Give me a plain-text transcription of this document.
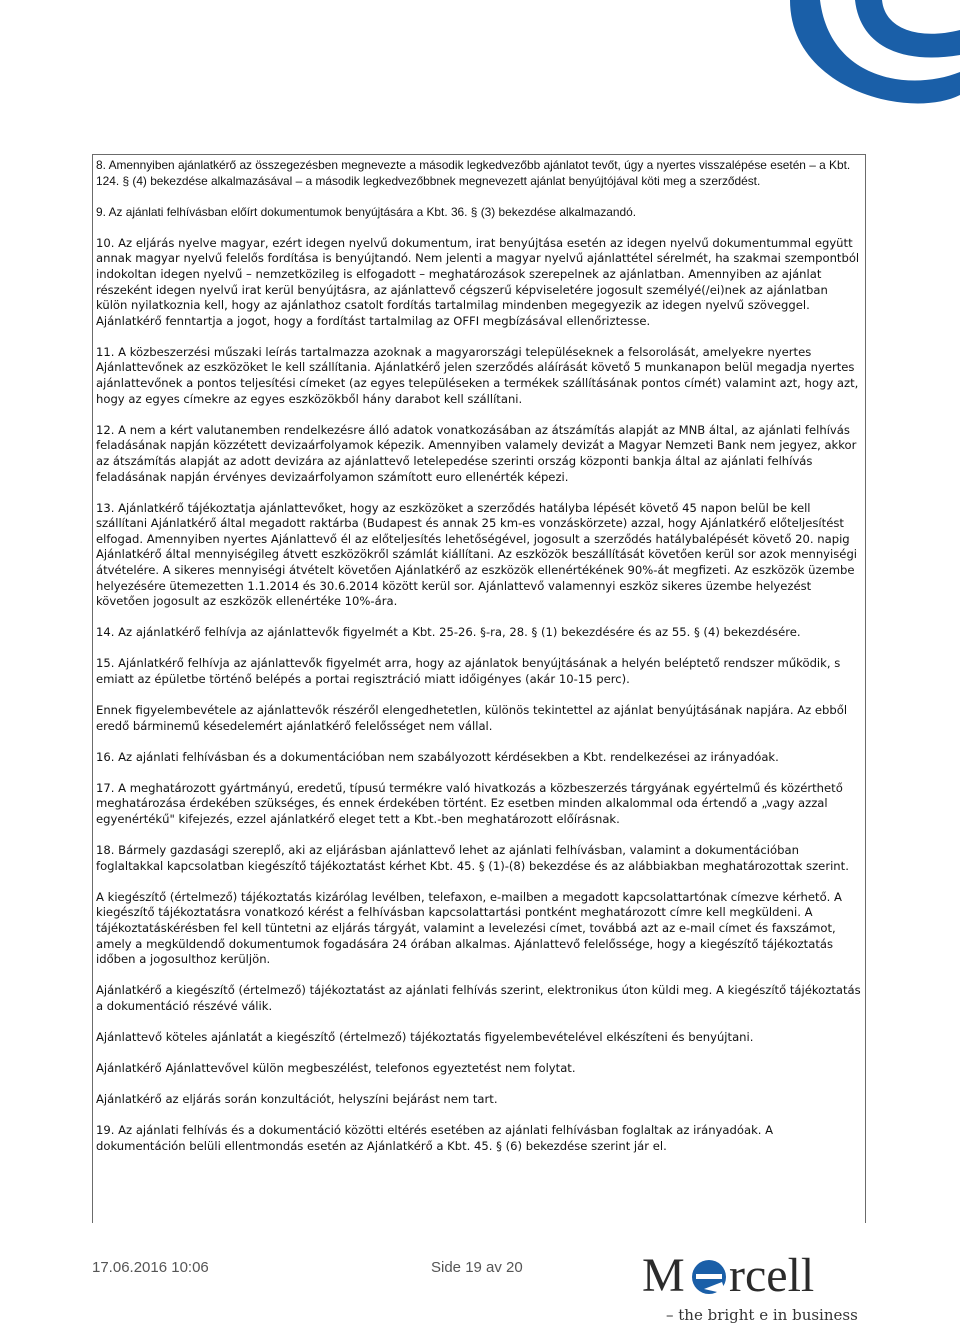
8. Amennyiben ajánlatkérő az összegezésben megnevezte a második legkedvezőbb ajánlatot tevőt, úgy a nyertes visszalépése esetén – a Kbt. 124. § (4) bekezdése alkalmazásával – a második legkedvezőbbnek megnevezett ajánlat benyújtójával köti meg a szerződést.

9. Az ajánlati felhívásban előírt dokumentumok benyújtására a Kbt. 36. § (3) bekezdése alkalmazandó.

10. Az eljárás nyelve magyar, ezért idegen nyelvű dokumentum, irat benyújtása esetén az idegen nyelvű dokumentummal együtt annak magyar nyelvű felelős fordítása is benyújtandó. Nem jelenti a magyar nyelvű ajánlattétel sérelmét, ha szakmai szempontból indokoltan idegen nyelvű – nemzetközileg is elfogadott – meghatározások szerepelnek az ajánlatban. Amennyiben az ajánlat részeként idegen nyelvű irat kerül benyújtásra, az ajánlattevő cégszerű képviseletére jogosult személyé(/ei)nek az ajánlatban külön nyilatkoznia kell, hogy az ajánlathoz csatolt fordítás tartalmilag mindenben megegyezik az idegen nyelvű szöveggel. Ajánlatkérő fenntartja a jogot, hogy a fordítást tartalmilag az OFFI megbízásával ellenőriztesse.

11. A közbeszerzési műszaki leírás tartalmazza azoknak a magyarországi településeknek a felsorolását, amelyekre nyertes Ajánlattevőnek az eszközöket le kell szállítania. Ajánlatkérő jelen szerződés aláírását követő 5 munkanapon belül megadja nyertes ajánlattevőnek a pontos teljesítési címeket (az egyes településeken a termékek szállításának pontos címét) valamint azt, hogy azt, hogy az egyes címekre az egyes eszközökből hány darabot kell szállítani.

12. A nem a kért valutanemben rendelkezésre álló adatok vonatkozásában az átszámítás alapját az MNB által, az ajánlati felhívás feladásának napján közzétett devizaárfolyamok képezik. Amennyiben valamely devizát a Magyar Nemzeti Bank nem jegyez, akkor az átszámítás alapját az adott devizára az ajánlattevő letelepedése szerinti ország központi bankja által az ajánlati felhívás feladásának napján érvényes devizaárfolyamon számított euro ellenérték képezi.

13. Ajánlatkérő tájékoztatja ajánlattevőket, hogy az eszközöket a szerződés hatályba lépését követő 45 napon belül be kell szállítani Ajánlatkérő által megadott raktárba (Budapest és annak 25 km-es vonzáskörzete) azzal, hogy Ajánlatkérő előteljesítést elfogad. Amennyiben nyertes Ajánlattevő él az előteljesítés lehetőségével, jogosult a szerződés hatálybalépését követő 20. napig Ajánlatkérő által mennyiségileg átvett eszközökről számlát kiállítani. Az eszközök beszállítását követően kerül sor azok mennyiségi átvételére. A sikeres mennyiségi átvételt követően Ajánlatkérő az eszközök ellenértékének 90%-át megfizeti. Az eszközök üzembe helyezésére ütemezetten 1.1.2014 és 30.6.2014 között kerül sor. Ajánlattevő valamennyi eszköz sikeres üzembe helyezést követően jogosult az eszközök ellenértéke 10%-ára.

14. Az ajánlatkérő felhívja az ajánlattevők figyelmét a Kbt. 25-26. §-ra, 28. § (1) bekezdésére és az 55. § (4) bekezdésére.

15. Ajánlatkérő felhívja az ajánlattevők figyelmét arra, hogy az ajánlatok benyújtásának a helyén beléptető rendszer működik, s emiatt az épületbe történő belépés a portai regisztráció miatt időigényes (akár 10-15 perc).

Ennek figyelembevétele az ajánlattevők részéről elengedhetetlen, különös tekintettel az ajánlat benyújtásának napjára. Az ebből eredő bárminemű késedelemért ajánlatkérő felelősséget nem vállal.

16. Az ajánlati felhívásban és a dokumentációban nem szabályozott kérdésekben a Kbt. rendelkezései az irányadóak.

17. A meghatározott gyártmányú, eredetű, típusú termékre való hivatkozás a közbeszerzés tárgyának egyértelmű és közérthető meghatározása érdekében szükséges, és ennek érdekében történt. Ez esetben minden alkalommal oda értendő a „vagy azzal egyenértékű" kifejezés, ezzel ajánlatkérő eleget tett a Kbt.-ben meghatározott előírásnak.

18. Bármely gazdasági szereplő, aki az eljárásban ajánlattevő lehet az ajánlati felhívásban, valamint a dokumentációban foglaltakkal kapcsolatban kiegészítő tájékoztatást kérhet Kbt. 45. § (1)-(8) bekezdése és az alábbiakban meghatározottak szerint.

A kiegészítő (értelmező) tájékoztatás kizárólag levélben, telefaxon, e-mailben a megadott kapcsolattartónak címezve kérhető. A kiegészítő tájékoztatásra vonatkozó kérést a felhívásban kapcsolattartási pontként meghatározott címre kell megküldeni. A tájékoztatáskérésben fel kell tüntetni az eljárás tárgyát, valamint a levelezési címet, továbbá azt az e-mail címet és faxszámot, amely a megküldendő dokumentumok fogadására 24 órában alkalmas. Ajánlattevő felelőssége, hogy a kiegészítő tájékoztatás időben a jogosulthoz kerüljön.

Ajánlatkérő a kiegészítő (értelmező) tájékoztatást az ajánlati felhívás szerint, elektronikus úton küldi meg. A kiegészítő tájékoztatás a dokumentáció részévé válik.

Ajánlattevő köteles ajánlatát a kiegészítő (értelmező) tájékoztatás figyelembevételével elkészíteni és benyújtani.

Ajánlatkérő Ajánlattevővel külön megbeszélést, telefonos egyeztetést nem folytat.

Ajánlatkérő az eljárás során konzultációt, helyszíni bejárást nem tart.

19. Az ajánlati felhívás és a dokumentáció közötti eltérés esetében az ajánlati felhívásban foglaltak az irányadóak. A dokumentáción belüli ellentmondás esetén az Ajánlatkérő a Kbt. 45. § (6) bekezdése szerint jár el.

17.06.2016 10:06	Side 19 av 20 M rcell
– the bright e in business
